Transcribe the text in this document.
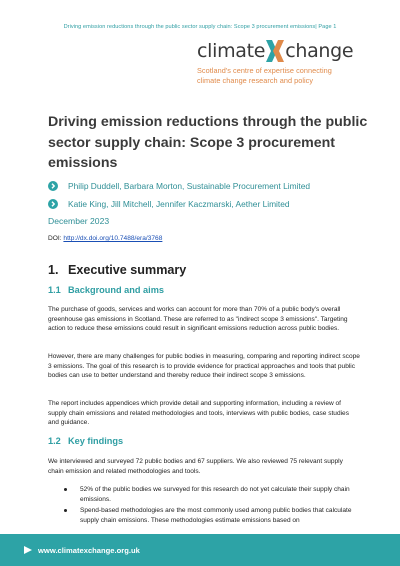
Driving emission reductions through the public sector supply chain: Scope 3 procurement emissions| Page 1
climate change
Scotland's centre of expertise connecting
climate change research and policy
Driving emission reductions through the public sector supply chain: Scope 3 procurement emissions
Philip Duddell, Barbara Morton, Sustainable Procurement Limited
Katie King, Jill Mitchell, Jennifer Kaczmarski, Aether Limited
December 2023
DOI: http://dx.doi.org/10.7488/era/3768
1. Executive summary
1.1 Background and aims

The purchase of goods, services and works can account for more than 70% of a public body's overall greenhouse gas emissions in Scotland. These are referred to as "indirect scope 3 emissions". Targeting action to reduce these emissions could result in significant emissions reduction across public bodies.

However, there are many challenges for public bodies in measuring, comparing and reporting indirect scope 3 emissions. The goal of this research is to provide evidence for practical approaches and tools that public bodies can use to better understand and thereby reduce their indirect scope 3 emissions.

The report includes appendices which provide detail and supporting information, including a review of supply chain emissions and related methodologies and tools, interviews with public bodies, case studies and guidance.

1.2 Key findings

We interviewed and surveyed 72 public bodies and 67 suppliers. We also reviewed 75 relevant supply chain emission and related methodologies and tools.

52% of the public bodies we surveyed for this research do not yet calculate their supply chain emissions.
Spend-based methodologies are the most commonly used among public bodies that calculate supply chain emissions. These methodologies estimate emissions based on
www.climatexchange.org.uk
